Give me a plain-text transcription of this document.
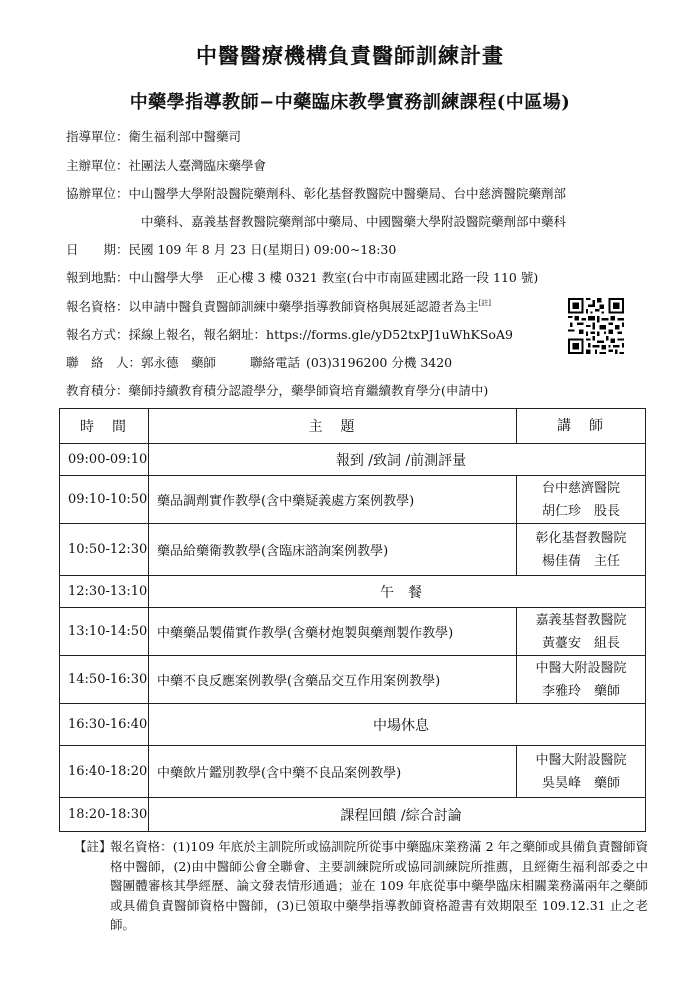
中醫醫療機構負責醫師訓練計畫
中藥學指導教師−中藥臨床教學實務訓練課程(中區場)
指導單位：衛生福利部中醫藥司
主辦單位：社團法人臺灣臨床藥學會
協辦單位：中山醫學大學附設醫院藥劑科、彰化基督教醫院中醫藥局、台中慈濟醫院藥劑部
中藥科、嘉義基督教醫院藥劑部中藥局、中國醫藥大學附設醫院藥劑部中藥科
日　　期：民國 109 年 8 月 23 日(星期日) 09:00~18:30
報到地點：中山醫學大學　正心樓 3 樓 0321 教室(台中市南區建國北路一段 110 號)
報名資格：以申請中醫負責醫師訓練中藥學指導教師資格與展延認證者為主[註]
報名方式：採線上報名，報名網址：https://forms.gle/yD52txPJ1uWhKSoA9
聯　絡　人：郭永德　藥師	聯絡電話 (03)3196200 分機 3420
教育積分：藥師持續教育積分認證學分，藥學師資培育繼續教育學分(申請中)
時　間	主　題	講　師
09:00-09:10	報到 /致詞 /前測評量	
09:10-10:50	藥品調劑實作教學(含中藥疑義處方案例教學)	台中慈濟醫院
胡仁珍　股長

10:50-12:30	藥品給藥衛教教學(含臨床諮詢案例教學)	彰化基督教醫院
楊佳蒨　主任

12:30-13:10	午　餐	
13:10-14:50	中藥藥品製備實作教學(含藥材炮製與藥劑製作教學)	嘉義基督教醫院
黃薹安　組長

14:50-16:30	中藥不良反應案例教學(含藥品交互作用案例教學)	中醫大附設醫院
李雅玲　藥師

16:30-16:40	中場休息	
16:40-18:20	中藥飲片鑑別教學(含中藥不良品案例教學)	中醫大附設醫院
吳昊峰　藥師

18:20-18:30	課程回饋 /綜合討論	
【註】
報名資格：(1)109 年底於主訓院所或協訓院所從事中藥臨床業務滿 2 年之藥師或具備負責醫師資格中醫師，(2)由中醫師公會全聯會、主要訓練院所或協同訓練院所推薦，且經衛生福利部委之中醫團體審核其學經歷、論文發表情形通過；並在 109 年底從事中藥學臨床相關業務滿兩年之藥師或具備負責醫師資格中醫師，(3)已領取中藥學指導教師資格證書有效期限至 109.12.31 止之老師。
